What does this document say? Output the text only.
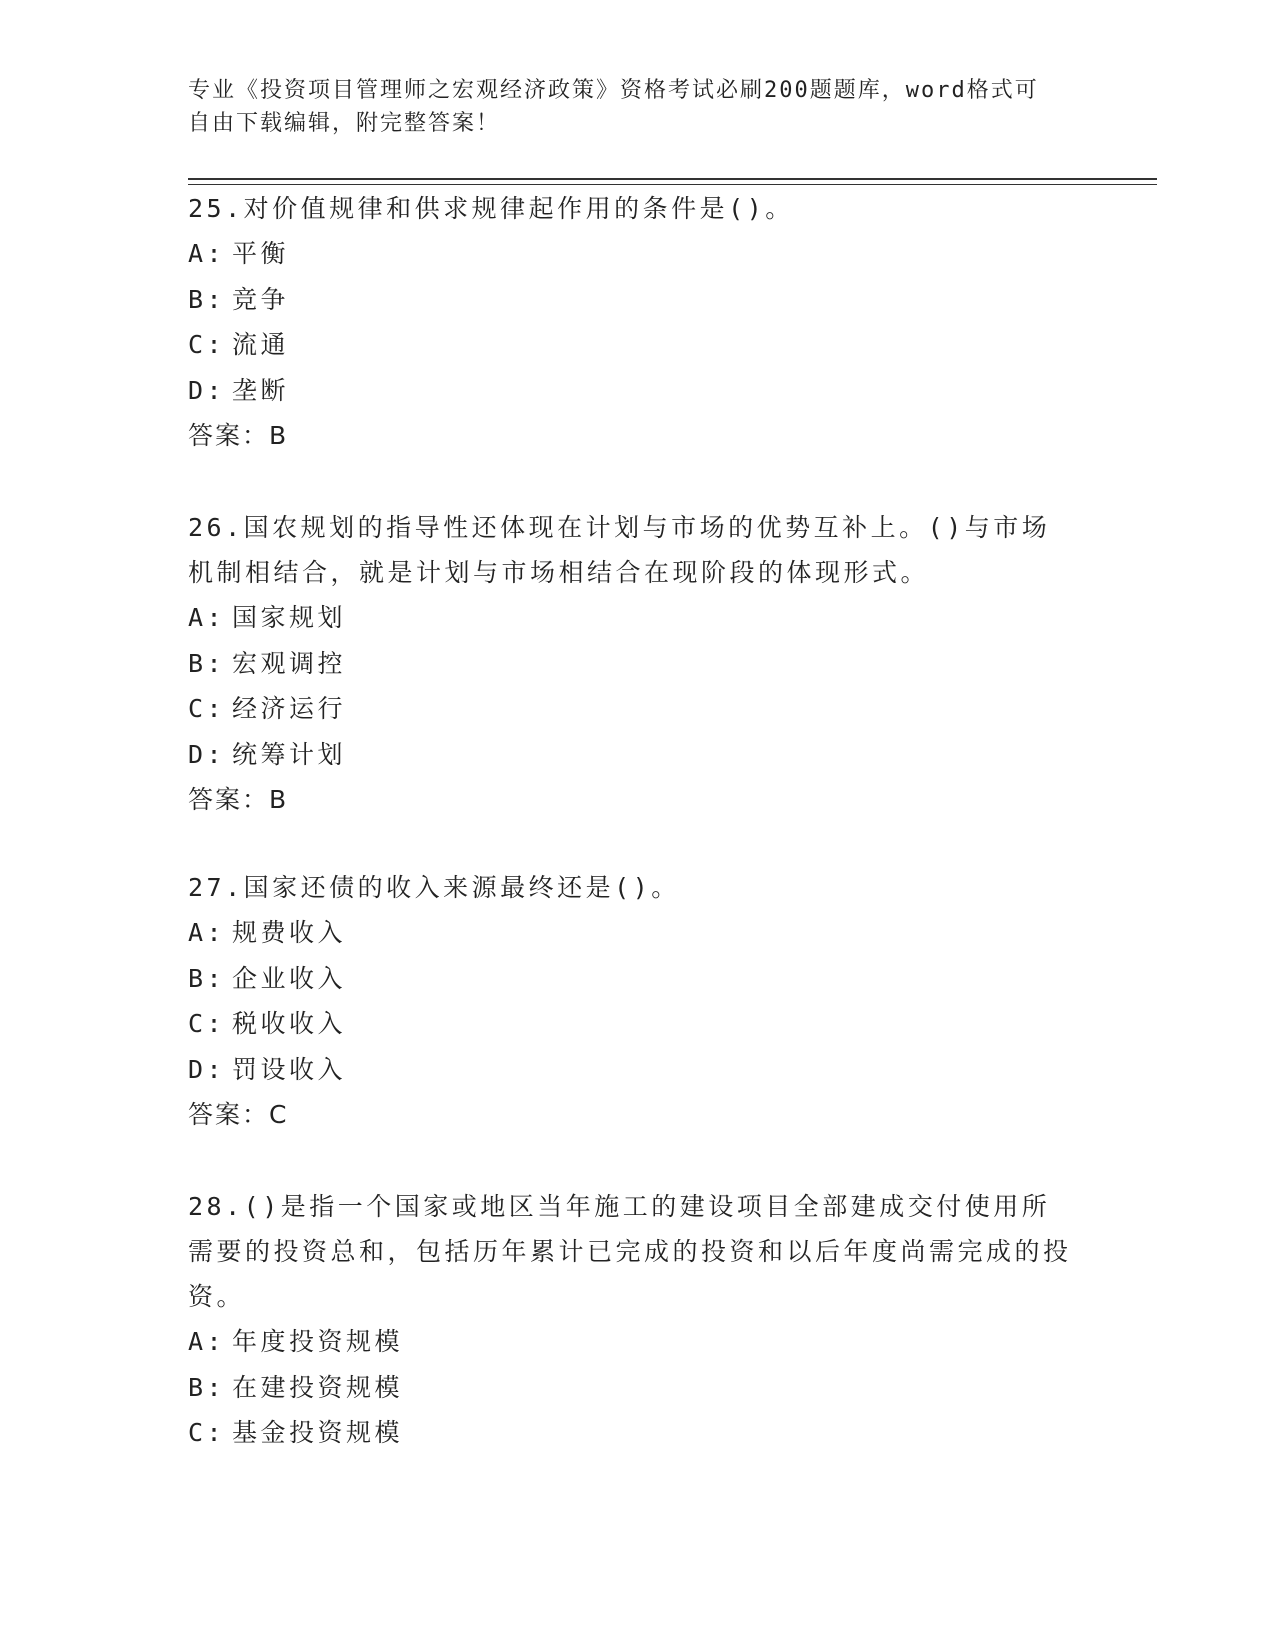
专业《投资项目管理师之宏观经济政策》资格考试必刷200题题库，word格式可
自由下载编辑，附完整答案！
25.对价值规律和供求规律起作用的条件是()。
A: 平衡
B: 竞争
C: 流通
D: 垄断
答案：B
26.国农规划的指导性还体现在计划与市场的优势互补上。()与市场机制相结合，就是计划与市场相结合在现阶段的体现形式。
A: 国家规划
B: 宏观调控
C: 经济运行
D: 统筹计划
答案：B
27.国家还债的收入来源最终还是()。
A: 规费收入
B: 企业收入
C: 税收收入
D: 罚设收入
答案：C
28.()是指一个国家或地区当年施工的建设项目全部建成交付使用所需要的投资总和，包括历年累计已完成的投资和以后年度尚需完成的投资。
A: 年度投资规模
B: 在建投资规模
C: 基金投资规模
